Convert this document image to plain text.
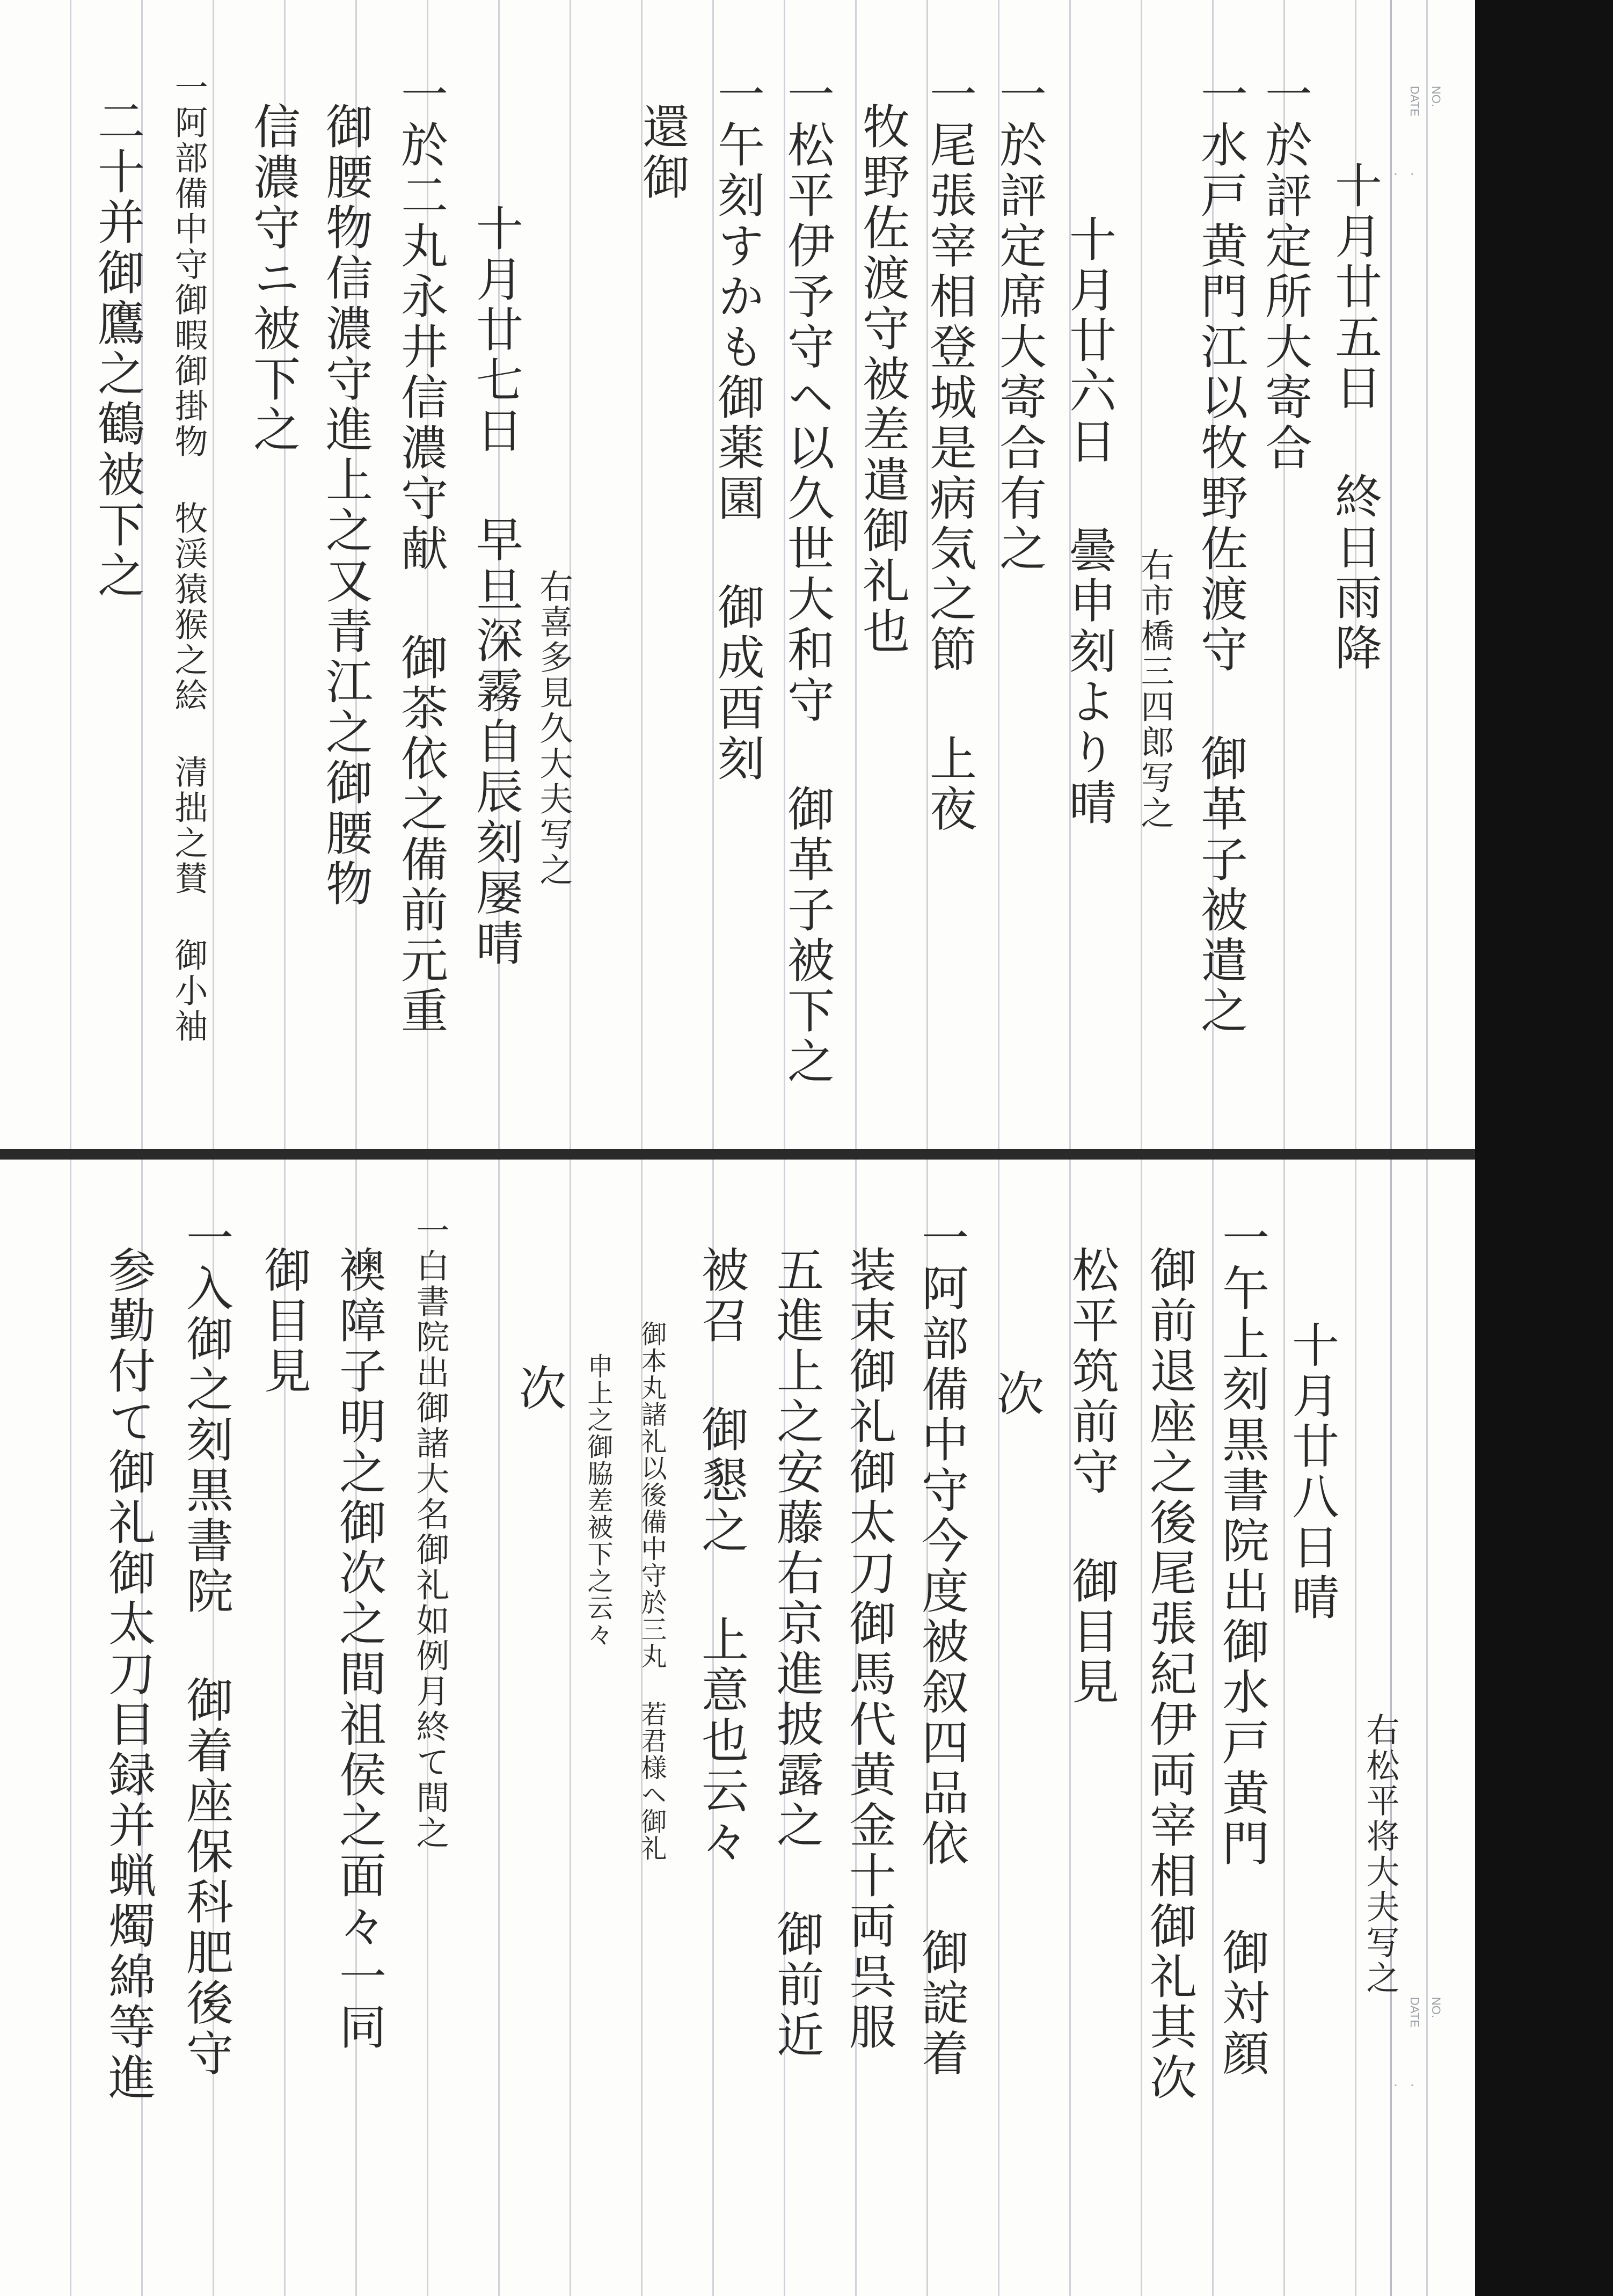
NO.
DATE
· ·
十月廿五日 終日雨降
一於評定所大寄合
一水戸黄門江以牧野佐渡守 御革子被遣之
右市橋三四郎写之
十月廿六日 曇申刻より晴
一於評定席大寄合有之
一尾張宰相登城是病気之節 上夜
牧野佐渡守被差遣御礼也
一松平伊予守ヘ以久世大和守 御革子被下之
一午刻すかも御薬園 御成酉刻
還御
右喜多見久大夫写之
十月廿七日 早旦深霧自辰刻屡晴
一於二丸永井信濃守献 御茶依之備前元重
御腰物信濃守進上之又青江之御腰物
信濃守ニ被下之
一阿部備中守御暇御掛物 牧渓猿猴之絵 清拙之賛 御小袖
二十并御鷹之鶴被下之
NO.
DATE
· ·
右松平将大夫写之
十月廿八日晴
一午上刻黒書院出御水戸黄門 御対顔
御前退座之後尾張紀伊両宰相御礼其次
松平筑前守 御目見
次
一阿部備中守今度被叙四品依 御諚着
装束御礼御太刀御馬代黄金十両呉服
五進上之安藤右京進披露之 御前近
被召 御懇之 上意也云々
御本丸諸礼以後備中守於三丸 若君様ヘ御礼
申上之御脇差被下之云々
次
一白書院出御諸大名御礼如例月終て間之
襖障子明之御次之間祖侯之面々一同
御目見
一入御之刻黒書院 御着座保科肥後守
参勤付て御礼御太刀目録并蝋燭綿等進
